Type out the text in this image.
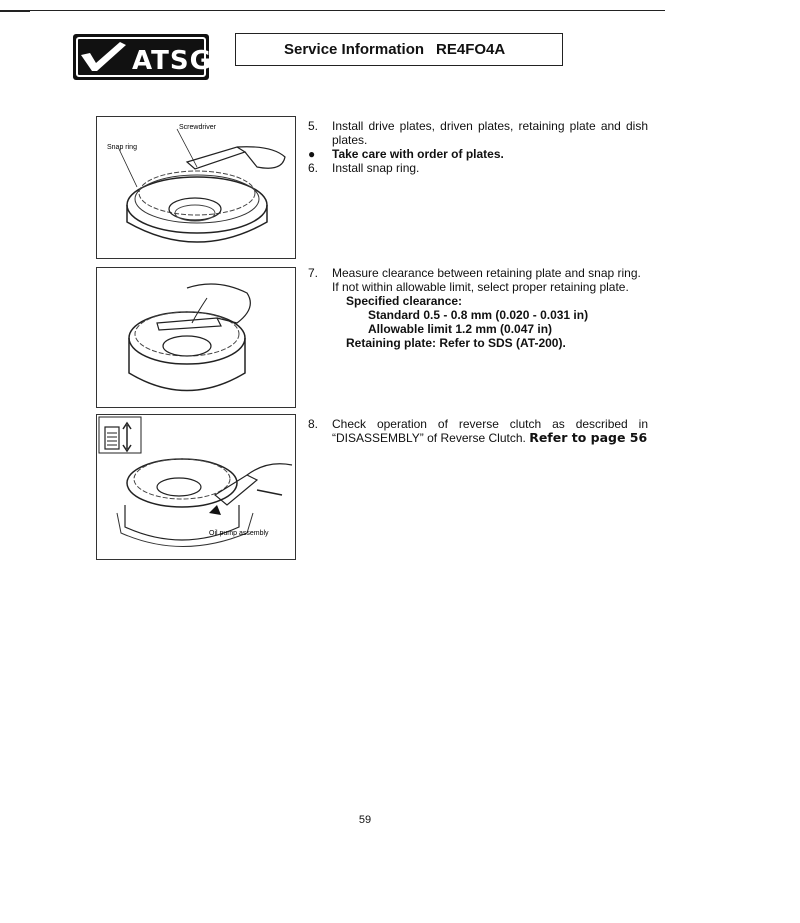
ATSG	Service Information RE4FO4A
Screwdriver
Snap ring
Oil pump assembly
5.	Install drive plates, driven plates, retaining plate and dish plates.
●	Take care with order of plates.
6.	Install snap ring.
7.	Measure clearance between retaining plate and snap ring. If not within allowable limit, select proper retaining plate.
Specified clearance:
Standard 0.5 - 0.8 mm (0.020 - 0.031 in)
Allowable limit 1.2 mm (0.047 in)
Retaining plate: Refer to SDS (AT-200).
8.	Check operation of reverse clutch as described in “DISASSEMBLY” of Reverse Clutch. Refer to page 56
59
